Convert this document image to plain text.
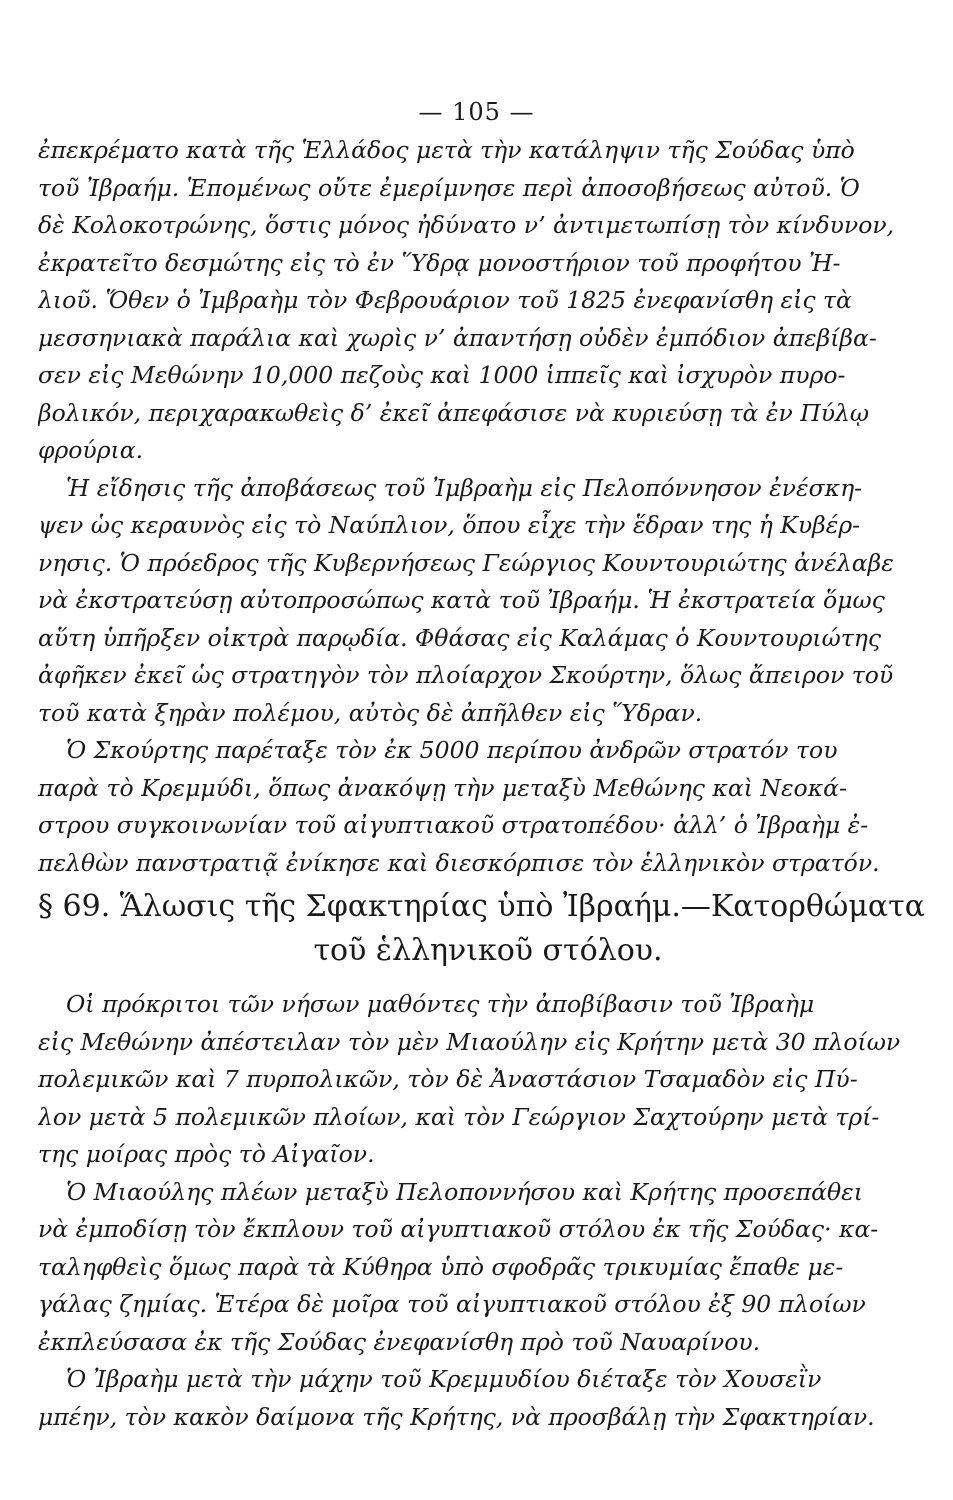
— 105 —
ἐπεκρέματο κατὰ τῆς Ἑλλάδος μετὰ τὴν κατάληψιν τῆς Σούδας ὑπὸ
τοῦ Ἰβραήμ. Ἑπομένως οὔτε ἐμερίμνησε περὶ ἀποσοβήσεως αὐτοῦ. Ὁ
δὲ Κολοκοτρώνης, ὅστις μόνος ἠδύνατο ν’ ἀντιμετωπίσῃ τὸν κίνδυνον,
ἐκρατεῖτο δεσμώτης εἰς τὸ ἐν Ὕδρᾳ μονοστήριον τοῦ προφήτου Ἠ-
λιοῦ. Ὅθεν ὁ Ἰμβραὴμ τὸν Φεβρουάριον τοῦ 1825 ἐνεφανίσθη εἰς τὰ
μεσσηνιακὰ παράλια καὶ χωρὶς ν’ ἀπαντήσῃ οὐδὲν ἐμπόδιον ἀπεβίβα-
σεν εἰς Μεθώνην 10,000 πεζοὺς καὶ 1000 ἱππεῖς καὶ ἰσχυρὸν πυρο-
βολικόν, περιχαρακωθεὶς δ’ ἐκεῖ ἀπεφάσισε νὰ κυριεύσῃ τὰ ἐν Πύλῳ
φρούρια.
Ἡ εἴδησις τῆς ἀποβάσεως τοῦ Ἰμβραὴμ εἰς Πελοπόννησον ἐνέσκη-
ψεν ὡς κεραυνὸς εἰς τὸ Ναύπλιον, ὅπου εἶχε τὴν ἕδραν της ἡ Κυβέρ-
νησις. Ὁ πρόεδρος τῆς Κυβερνήσεως Γεώργιος Κουντουριώτης ἀνέλαβε
νὰ ἐκστρατεύσῃ αὐτοπροσώπως κατὰ τοῦ Ἰβραήμ. Ἡ ἐκστρατεία ὅμως
αὕτη ὑπῆρξεν οἰκτρὰ παρῳδία. Φθάσας εἰς Καλάμας ὁ Κουντουριώτης
ἀφῆκεν ἐκεῖ ὡς στρατηγὸν τὸν πλοίαρχον Σκούρτην, ὅλως ἄπειρον τοῦ
τοῦ κατὰ ξηρὰν πολέμου, αὐτὸς δὲ ἀπῆλθεν εἰς Ὕδραν.
Ὁ Σκούρτης παρέταξε τὸν ἐκ 5000 περίπου ἀνδρῶν στρατόν του
παρὰ τὸ Κρεμμύδι, ὅπως ἀνακόψῃ τὴν μεταξὺ Μεθώνης καὶ Νεοκά-
στρου συγκοινωνίαν τοῦ αἰγυπτιακοῦ στρατοπέδου· ἀλλ’ ὁ Ἰβραὴμ ἐ-
πελθὼν πανστρατιᾷ ἐνίκησε καὶ διεσκόρπισε τὸν ἑλληνικὸν στρατόν.
§ 69. Ἅλωσις τῆς Σφακτηρίας ὑπὸ Ἰβραήμ.—Κατορθώματα
τοῦ ἑλληνικοῦ στόλου.
Οἱ πρόκριτοι τῶν νήσων μαθόντες τὴν ἀποβίβασιν τοῦ Ἰβραὴμ
εἰς Μεθώνην ἀπέστειλαν τὸν μὲν Μιαούλην εἰς Κρήτην μετὰ 30 πλοίων
πολεμικῶν καὶ 7 πυρπολικῶν, τὸν δὲ Ἀναστάσιον Τσαμαδὸν εἰς Πύ-
λον μετὰ 5 πολεμικῶν πλοίων, καὶ τὸν Γεώργιον Σαχτούρην μετὰ τρί-
της μοίρας πρὸς τὸ Αἰγαῖον.
Ὁ Μιαούλης πλέων μεταξὺ Πελοποννήσου καὶ Κρήτης προσεπάθει
νὰ ἐμποδίσῃ τὸν ἔκπλουν τοῦ αἰγυπτιακοῦ στόλου ἐκ τῆς Σούδας· κα-
ταληφθεὶς ὅμως παρὰ τὰ Κύθηρα ὑπὸ σφοδρᾶς τρικυμίας ἔπαθε με-
γάλας ζημίας. Ἑτέρα δὲ μοῖρα τοῦ αἰγυπτιακοῦ στόλου ἐξ 90 πλοίων
ἐκπλεύσασα ἐκ τῆς Σούδας ἐνεφανίσθη πρὸ τοῦ Ναυαρίνου.
Ὁ Ἰβραὴμ μετὰ τὴν μάχην τοῦ Κρεμμυδίου διέταξε τὸν Χουσεῒν
μπέην, τὸν κακὸν δαίμονα τῆς Κρήτης, νὰ προσβάλῃ τὴν Σφακτηρίαν.
